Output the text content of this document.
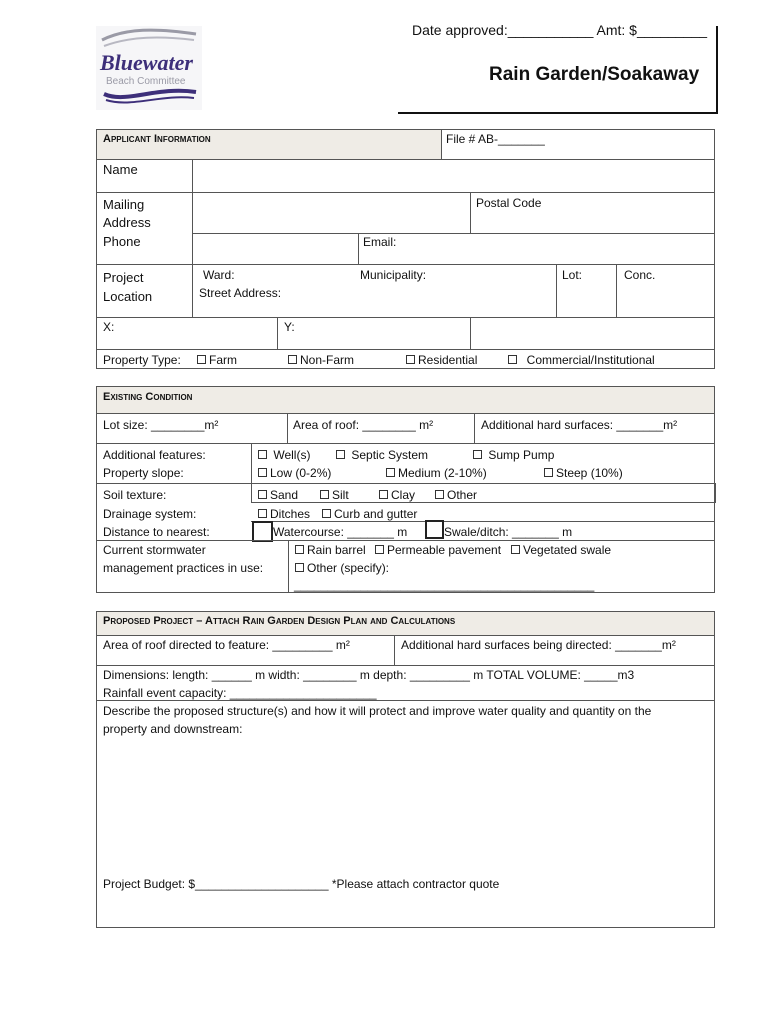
Bluewater
Beach Committee
Date approved:___________ Amt: $_________
Rain Garden/Soakaway
Applicant Information	File # AB-_______
Name
Mailing Address
Postal Code
Phone	Email:
Project Location
Ward:	Municipality:
Street Address:
Lot:	Conc.
X:	Y:
Property Type:	Farm	Non-Farm	Residential	Commercial/Institutional
Existing Condition
Lot size: ________m²	Area of roof: ________ m²	Additional hard surfaces: _______m²
Additional features:	Well(s)	Septic System	Sump Pump
Property slope:	Low (0-2%)	Medium (2-10%)	Steep (10%)
Soil texture:	Sand	Silt	Clay	Other
Drainage system:	Ditches	Curb and gutter
Distance to nearest:	Watercourse: _______ m	Swale/ditch: _______ m
Current stormwater
management practices in use:
Rain barrel	Permeable pavement	Vegetated swale
Other (specify):
_____________________________________________
Proposed Project – Attach Rain Garden Design Plan and Calculations
Area of roof directed to feature: _________ m²	Additional hard surfaces being directed: _______m²
Dimensions: length: ______ m width: ________ m depth: _________ m TOTAL VOLUME: _____m3
Rainfall event capacity: ______________________
Describe the proposed structure(s) and how it will protect and improve water quality and quantity on the
property and downstream:
Project Budget: $____________________ *Please attach contractor quote
